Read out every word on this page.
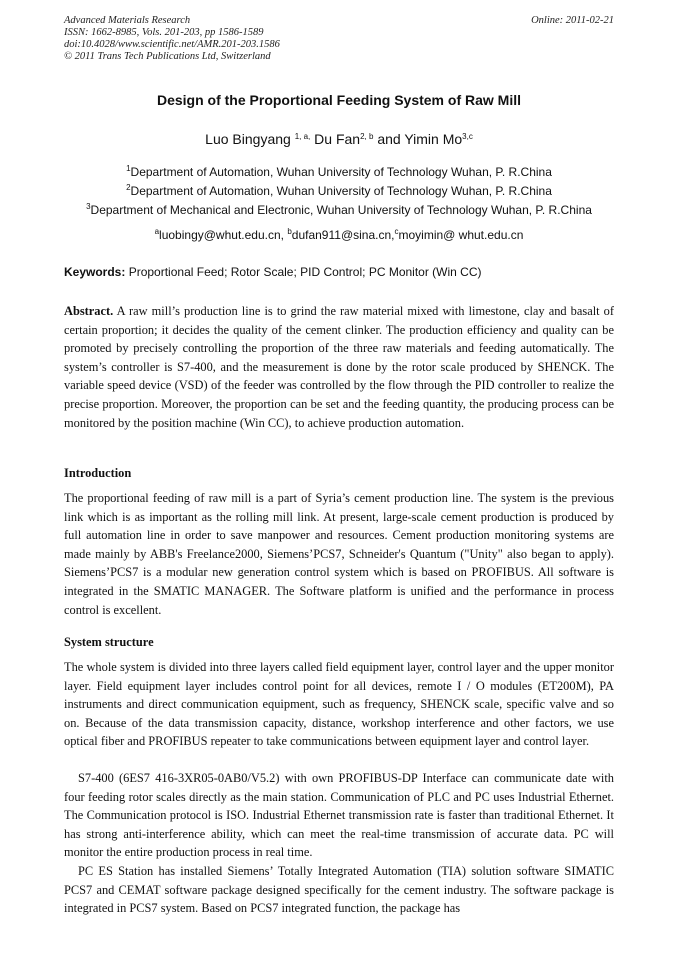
Advanced Materials Research
ISSN: 1662-8985, Vols. 201-203, pp 1586-1589
doi:10.4028/www.scientific.net/AMR.201-203.1586
© 2011 Trans Tech Publications Ltd, Switzerland
Online: 2011-02-21
Design of the Proportional Feeding System of Raw Mill
Luo Bingyang $^{1, a,}$ Du Fan$^{2, b}$ and Yimin Mo$^{3,c}$
$^1$Department of Automation, Wuhan University of Technology Wuhan, P. R.China
$^2$Department of Automation, Wuhan University of Technology Wuhan, P. R.China
$^3$Department of Mechanical and Electronic, Wuhan University of Technology Wuhan, P. R.China
$^a$luobingy@whut.edu.cn, $^b$dufan911@sina.cn,$^c$moyimin@ whut.edu.cn
Keywords: Proportional Feed; Rotor Scale; PID Control; PC Monitor (Win CC)

Abstract. A raw mill’s production line is to grind the raw material mixed with limestone, clay and basalt of certain proportion; it decides the quality of the cement clinker. The production efficiency and quality can be promoted by precisely controlling the proportion of the three raw materials and feeding automatically. The system’s controller is S7-400, and the measurement is done by the rotor scale produced by SHENCK. The variable speed device (VSD) of the feeder was controlled by the flow through the PID controller to realize the precise proportion. Moreover, the proportion can be set and the feeding quantity, the producing process can be monitored by the position machine (Win CC), to achieve production automation.

Introduction

The proportional feeding of raw mill is a part of Syria’s cement production line. The system is the previous link which is as important as the rolling mill link. At present, large-scale cement production is produced by full automation line in order to save manpower and resources. Cement production monitoring systems are made mainly by ABB's Freelance2000, Siemens’PCS7, Schneider's Quantum ("Unity" also began to apply). Siemens’PCS7 is a modular new generation control system which is based on PROFIBUS. All software is integrated in the SMATIC MANAGER. The Software platform is unified and the performance in process control is excellent.

System structure

The whole system is divided into three layers called field equipment layer, control layer and the upper monitor layer. Field equipment layer includes control point for all devices, remote I / O modules (ET200M), PA instruments and direct communication equipment, such as frequency, SHENCK scale, specific valve and so on. Because of the data transmission capacity, distance, workshop interference and other factors, we use optical fiber and PROFIBUS repeater to take communications between equipment layer and control layer.

S7-400 (6ES7 416-3XR05-0AB0/V5.2) with own PROFIBUS-DP Interface can communicate date with four feeding rotor scales directly as the main station. Communication of PLC and PC uses Industrial Ethernet. The Communication protocol is ISO. Industrial Ethernet transmission rate is faster than traditional Ethernet. It has strong anti-interference ability, which can meet the real-time transmission of accurate data. PC will monitor the entire production process in real time.

PC ES Station has installed Siemens’ Totally Integrated Automation (TIA) solution software SIMATIC PCS7 and CEMAT software package designed specifically for the cement industry. The software package is integrated in PCS7 system. Based on PCS7 integrated function, the package has
